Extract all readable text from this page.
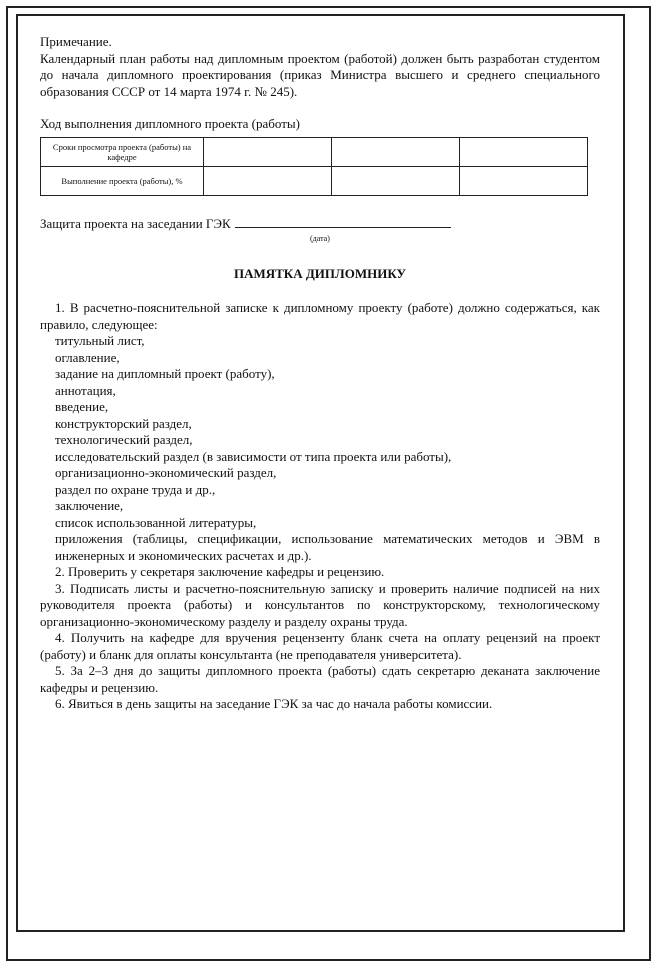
Примечание.

Календарный план работы над дипломным проектом (работой) должен быть разработан студентом до начала дипломного проектирования (приказ Министра высшего и среднего специального образования СССР от 14 марта 1974 г. № 245).

Ход выполнения дипломного проекта (работы)
Сроки просмотра проекта (работы) на кафедре			
Выполнение проекта (работы), %			
Защита проекта на заседании ГЭК
(дата)
ПАМЯТКА ДИПЛОМНИКУ

1. В расчетно-пояснительной записке к дипломному проекту (работе) должно содержаться, как правило, следующее:

титульный лист,
оглавление,
задание на дипломный проект (работу),
аннотация,
введение,
конструкторский раздел,
технологический раздел,
исследовательский раздел (в зависимости от типа проекта или работы),
организационно-экономический раздел,
раздел по охране труда и др.,
заключение,
список использованной литературы,
приложения (таблицы, спецификации, использование математических методов и ЭВМ в инженерных и экономических расчетах и др.).

2. Проверить у секретаря заключение кафедры и рецензию.

3. Подписать листы и расчетно-пояснительную записку и проверить наличие подписей на них руководителя проекта (работы) и консультантов по конструкторскому, технологическому организационно-экономическому разделу и разделу охраны труда.

4. Получить на кафедре для вручения рецензенту бланк счета на оплату рецензий на проект (работу) и бланк для оплаты консультанта (не преподавателя университета).

5. За 2–3 дня до защиты дипломного проекта (работы) сдать секретарю деканата заключение кафедры и рецензию.

6. Явиться в день защиты на заседание ГЭК за час до начала работы комиссии.
